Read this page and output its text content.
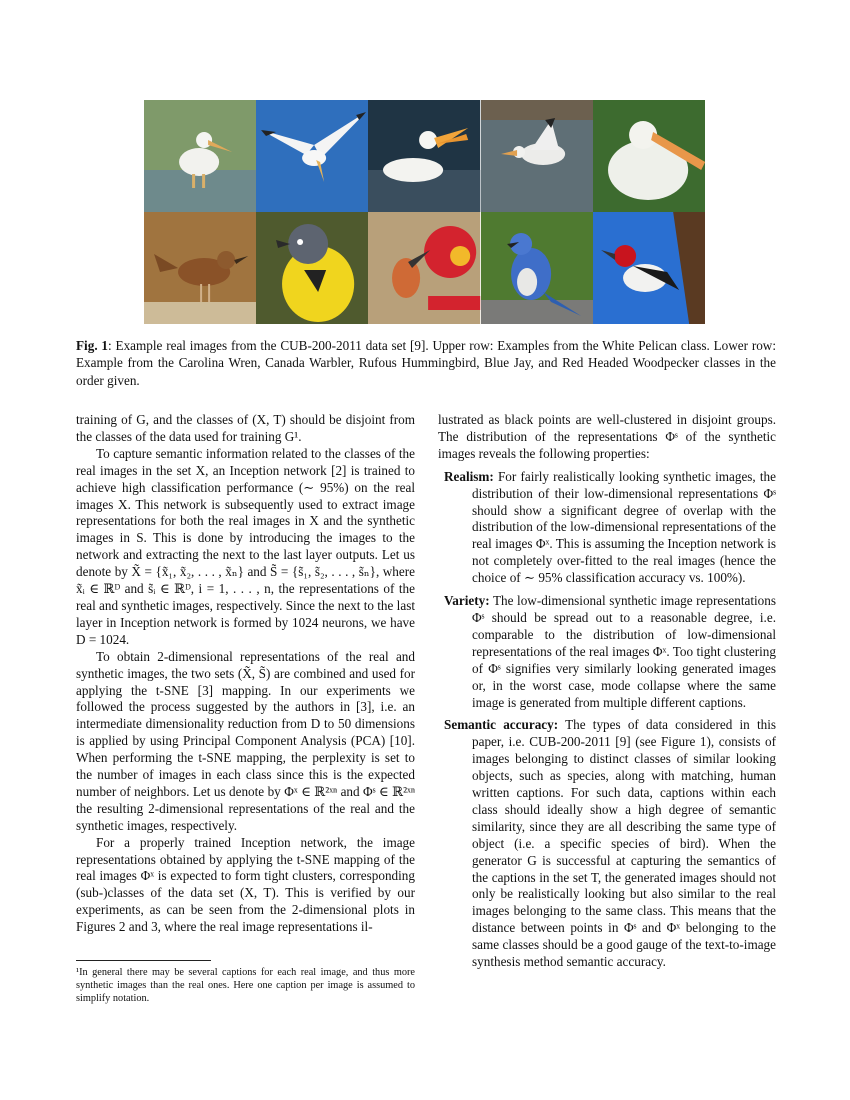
Fig. 1: Example real images from the CUB-200-2011 data set [9]. Upper row: Examples from the White Pelican class. Lower row: Example from the Carolina Wren, Canada Warbler, Rufous Hummingbird, Blue Jay, and Red Headed Woodpecker classes in the order given.

training of G, and the classes of (X, T) should be disjoint from the classes of the data used for training G¹.

To capture semantic information related to the classes of the real images in the set X, an Inception network [2] is trained to achieve high classification performance (∼ 95%) on the real images X. This network is subsequently used to extract image representations for both the real images in X and the synthetic images in S. This is done by introducing the images to the network and extracting the next to the last layer outputs. Let us denote by X̃ = {x̃₁, x̃₂, . . . , x̃ₙ} and S̃ = {s̃₁, s̃₂, . . . , s̃ₙ}, where x̃ᵢ ∈ ℝᴰ and s̃ᵢ ∈ ℝᴰ, i = 1, . . . , n, the representations of the real and synthetic images, respectively. Since the next to the last layer in Inception network is formed by 1024 neurons, we have D = 1024.

To obtain 2-dimensional representations of the real and synthetic images, the two sets (X̃, S̃) are combined and used for applying the t-SNE [3] mapping. In our experiments we followed the process suggested by the authors in [3], i.e. an intermediate dimensionality reduction from D to 50 dimensions is applied by using Principal Component Analysis (PCA) [10]. When performing the t-SNE mapping, the perplexity is set to the number of images in each class since this is the expected number of neighbors. Let us denote by Φˣ ∈ ℝ²ˣⁿ and Φˢ ∈ ℝ²ˣⁿ the resulting 2-dimensional representations of the real and the synthetic images, respectively.

For a properly trained Inception network, the image representations obtained by applying the t-SNE mapping of the real images Φˣ is expected to form tight clusters, corresponding (sub-)classes of the data set (X, T). This is verified by our experiments, as can be seen from the 2-dimensional plots in Figures 2 and 3, where the real image representations il-

¹In general there may be several captions for each real image, and thus more synthetic images than the real ones. Here one caption per image is assumed to simplify notation.

lustrated as black points are well-clustered in disjoint groups. The distribution of the representations Φˢ of the synthetic images reveals the following properties:

Realism: For fairly realistically looking synthetic images, the distribution of their low-dimensional representations Φˢ should show a significant degree of overlap with the distribution of the low-dimensional representations of the real images Φˣ. This is assuming the Inception network is not completely over-fitted to the real images (hence the choice of ∼ 95% classification accuracy vs. 100%).

Variety: The low-dimensional synthetic image representations Φˢ should be spread out to a reasonable degree, i.e. comparable to the distribution of low-dimensional representations of the real images Φˣ. Too tight clustering of Φˢ signifies very similarly looking generated images or, in the worst case, mode collapse where the same image is generated from multiple different captions.

Semantic accuracy: The types of data considered in this paper, i.e. CUB-200-2011 [9] (see Figure 1), consists of images belonging to distinct classes of similar looking objects, such as species, along with matching, human written captions. For such data, captions within each class should ideally show a high degree of semantic similarity, since they are all describing the same type of object (i.e. a specific species of bird). When the generator G is successful at capturing the semantics of the captions in the set T, the generated images should not only be realistically looking but also similar to the real images belonging to the same class. This means that the distance between points in Φˢ and Φˣ belonging to the same classes should be a good gauge of the text-to-image synthesis method semantic accuracy.
